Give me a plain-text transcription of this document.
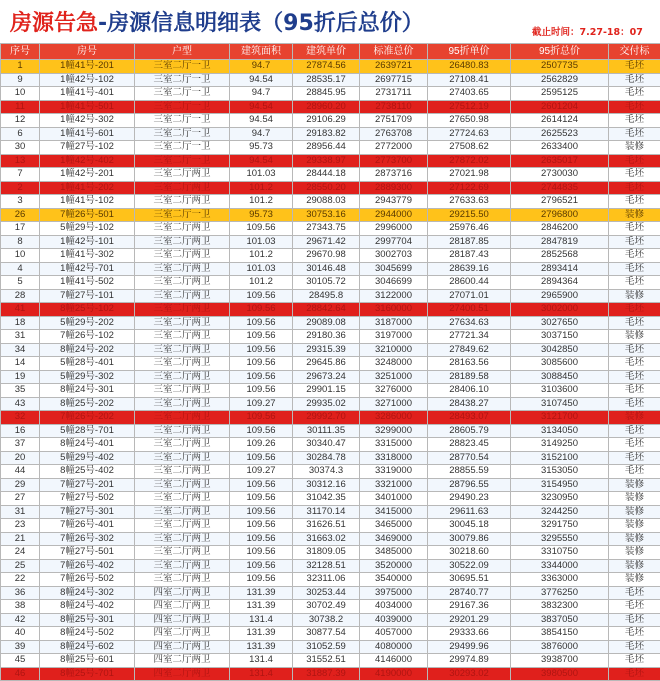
房源告急-房源信息明细表（95折后总价）	截止时间：7.27-18：07
序号	房号	户型	建筑面积	建筑单价	标准总价	95折单价	95折总价	交付标
1	1幢41号-201	三室二厅一卫	94.7	27874.56	2639721	26480.83	2507735	毛坯
9	1幢42号-102	三室二厅一卫	94.54	28535.17	2697715	27108.41	2562829	毛坯
10	1幢41号-401	三室二厅一卫	94.7	28845.95	2731711	27403.65	2595125	毛坯
11	1幢41号-501	三室二厅一卫	94.54	28960.20	2738110	27512.19	2601204	毛坯
12	1幢42号-302	三室二厅一卫	94.54	29106.29	2751709	27650.98	2614124	毛坯
6	1幢41号-601	三室二厅一卫	94.7	29183.82	2763708	27724.63	2625523	毛坯
30	7幢27号-102	三室二厅一卫	95.73	28956.44	2772000	27508.62	2633400	装修
13	1幢42号-402	三室二厅一卫	94.54	29338.97	2773700	27872.02	2635017	毛坯
7	1幢42号-201	三室二厅两卫	101.03	28444.18	2873716	27021.98	2730030	毛坯
2	1幢41号-202	三室二厅两卫	101.2	28550.20	2889300	27122.69	2744835	毛坯
3	1幢41号-102	三室二厅两卫	101.2	29088.03	2943779	27633.63	2796521	毛坯
26	7幢26号-501	三室二厅一卫	95.73	30753.16	2944000	29215.50	2796800	装修
17	5幢29号-102	三室二厅两卫	109.56	27343.75	2996000	25976.46	2846200	毛坯
8	1幢42号-101	三室二厅两卫	101.03	29671.42	2997704	28187.85	2847819	毛坯
10	1幢41号-302	三室二厅两卫	101.2	29670.98	3002703	28187.43	2852568	毛坯
4	1幢42号-701	三室二厅两卫	101.03	30146.48	3045699	28639.16	2893414	毛坯
5	1幢41号-502	三室二厅两卫	101.2	30105.72	3046699	28600.44	2894364	毛坯
28	7幢27号-101	三室二厅两卫	109.56	28495.8	3122000	27071.01	2965900	装修
41	8幢25号-102	三室二厅两卫	109.56	28842.64	3160000	27400.51	3002000	毛坯
18	5幢29号-202	三室二厅两卫	109.56	29089.08	3187000	27634.63	3027650	毛坯
31	7幢26号-102	三室二厅两卫	109.56	29180.36	3197000	27721.34	3037150	装修
34	8幢24号-202	三室二厅两卫	109.56	29315.39	3210000	27849.62	3042850	毛坯
14	5幢28号-401	三室二厅两卫	109.56	29645.86	3248000	28163.56	3085600	毛坯
19	5幢29号-302	三室二厅两卫	109.56	29673.24	3251000	28189.58	3088450	毛坯
35	8幢24号-301	三室二厅两卫	109.56	29901.15	3276000	28406.10	3103600	毛坯
43	8幢25号-202	三室二厅两卫	109.27	29935.02	3271000	28438.27	3107450	毛坯
32	7幢26号-202	三室二厅两卫	109.56	29992.70	3286000	28493.07	3121700	装修
16	5幢28号-701	三室二厅两卫	109.56	30111.35	3299000	28605.79	3134050	毛坯
37	8幢24号-401	三室二厅两卫	109.26	30340.47	3315000	28823.45	3149250	毛坯
20	5幢29号-402	三室二厅两卫	109.56	30284.78	3318000	28770.54	3152100	毛坯
44	8幢25号-402	三室二厅两卫	109.27	30374.3	3319000	28855.59	3153050	毛坯
29	7幢27号-201	三室二厅两卫	109.56	30312.16	3321000	28796.55	3154950	装修
27	7幢27号-502	三室二厅两卫	109.56	31042.35	3401000	29490.23	3230950	装修
31	7幢27号-301	三室二厅两卫	109.56	31170.14	3415000	29611.63	3244250	装修
23	7幢26号-401	三室二厅两卫	109.56	31626.51	3465000	30045.18	3291750	装修
21	7幢26号-302	三室二厅两卫	109.56	31663.02	3469000	30079.86	3295550	装修
24	7幢27号-501	三室二厅两卫	109.56	31809.05	3485000	30218.60	3310750	装修
25	7幢26号-402	三室二厅两卫	109.56	32128.51	3520000	30522.09	3344000	装修
22	7幢26号-502	三室二厅两卫	109.56	32311.06	3540000	30695.51	3363000	装修
36	8幢24号-302	四室二厅两卫	131.39	30253.44	3975000	28740.77	3776250	毛坯
38	8幢24号-402	四室二厅两卫	131.39	30702.49	4034000	29167.36	3832300	毛坯
42	8幢25号-301	四室二厅两卫	131.4	30738.2	4039000	29201.29	3837050	毛坯
40	8幢24号-502	四室二厅两卫	131.39	30877.54	4057000	29333.66	3854150	毛坯
39	8幢24号-602	四室二厅两卫	131.39	31052.59	4080000	29499.96	3876000	毛坯
45	8幢25号-601	四室二厅两卫	131.4	31552.51	4146000	29974.89	3938700	毛坯
46	8幢25号-701	四室二厅两卫	131.4	31887.39	4190000	30293.02	3980500	毛坯
